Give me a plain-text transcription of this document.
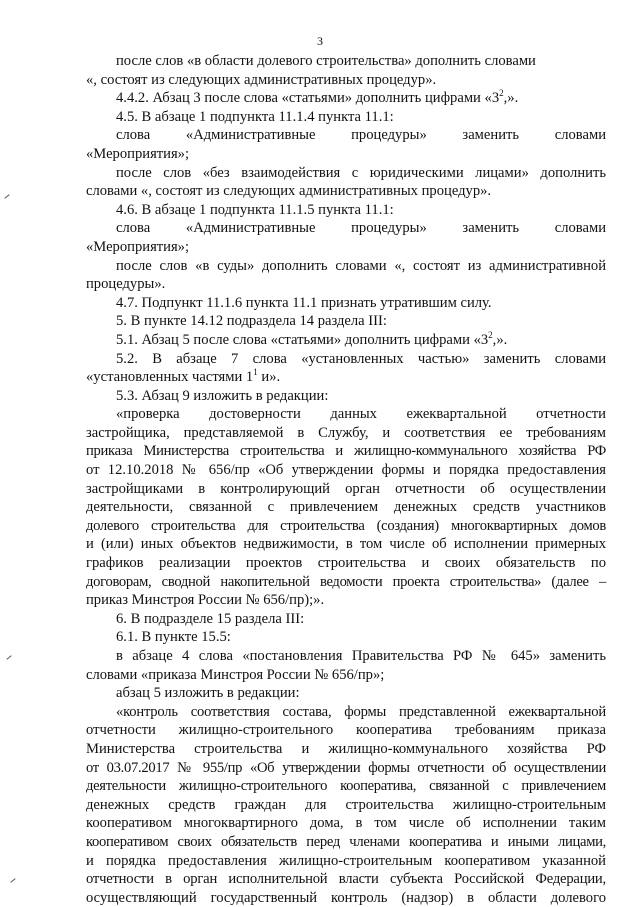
3
после слов «в области долевого строительства» дополнить словами
«, состоят из следующих административных процедур».
4.4.2. Абзац 3 после слова «статьями» дополнить цифрами «$3^2$,».
4.5. В абзаце 1 подпункта 11.1.4 пункта 11.1:
слова «Административные процедуры» заменить словами
«Мероприятия»;
после слов «без взаимодействия с юридическими лицами» дополнить
словами «, состоят из следующих административных процедур».
4.6. В абзаце 1 подпункта 11.1.5 пункта 11.1:
слова «Административные процедуры» заменить словами
«Мероприятия»;
после слов «в суды» дополнить словами «, состоят из административной
процедуры».
4.7. Подпункт 11.1.6 пункта 11.1 признать утратившим силу.
5. В пункте 14.12 подраздела 14 раздела III:
5.1. Абзац 5 после слова «статьями» дополнить цифрами «$3^2$,».
5.2. В абзаце 7 слова «установленных частью» заменить словами
«установленных частями $1^1$ и».
5.3. Абзац 9 изложить в редакции:
«проверка достоверности данных ежеквартальной отчетности
застройщика, представляемой в Службу, и соответствия ее требованиям
приказа Министерства строительства и жилищно-коммунального хозяйства РФ
от 12.10.2018 № 656/пр «Об утверждении формы и порядка предоставления
застройщиками в контролирующий орган отчетности об осуществлении
деятельности, связанной с привлечением денежных средств участников
долевого строительства для строительства (создания) многоквартирных домов
и (или) иных объектов недвижимости, в том числе об исполнении примерных
графиков реализации проектов строительства и своих обязательств по
договорам, сводной накопительной ведомости проекта строительства» (далее –
приказ Минстроя России № 656/пр);».
6. В подразделе 15 раздела III:
6.1. В пункте 15.5:
в абзаце 4 слова «постановления Правительства РФ № 645» заменить
словами «приказа Минстроя России № 656/пр»;
абзац 5 изложить в редакции:
«контроль соответствия состава, формы представленной ежеквартальной
отчетности жилищно-строительного кооператива требованиям приказа
Министерства строительства и жилищно-коммунального хозяйства РФ
от 03.07.2017 № 955/пр «Об утверждении формы отчетности об осуществлении
деятельности жилищно-строительного кооператива, связанной с привлечением
денежных средств граждан для строительства жилищно-строительным
кооперативом многоквартирного дома, в том числе об исполнении таким
кооперативом своих обязательств перед членами кооператива и иными лицами,
и порядка предоставления жилищно-строительным кооперативом указанной
отчетности в орган исполнительной власти субъекта Российской Федерации,
осуществляющий государственный контроль (надзор) в области долевого
